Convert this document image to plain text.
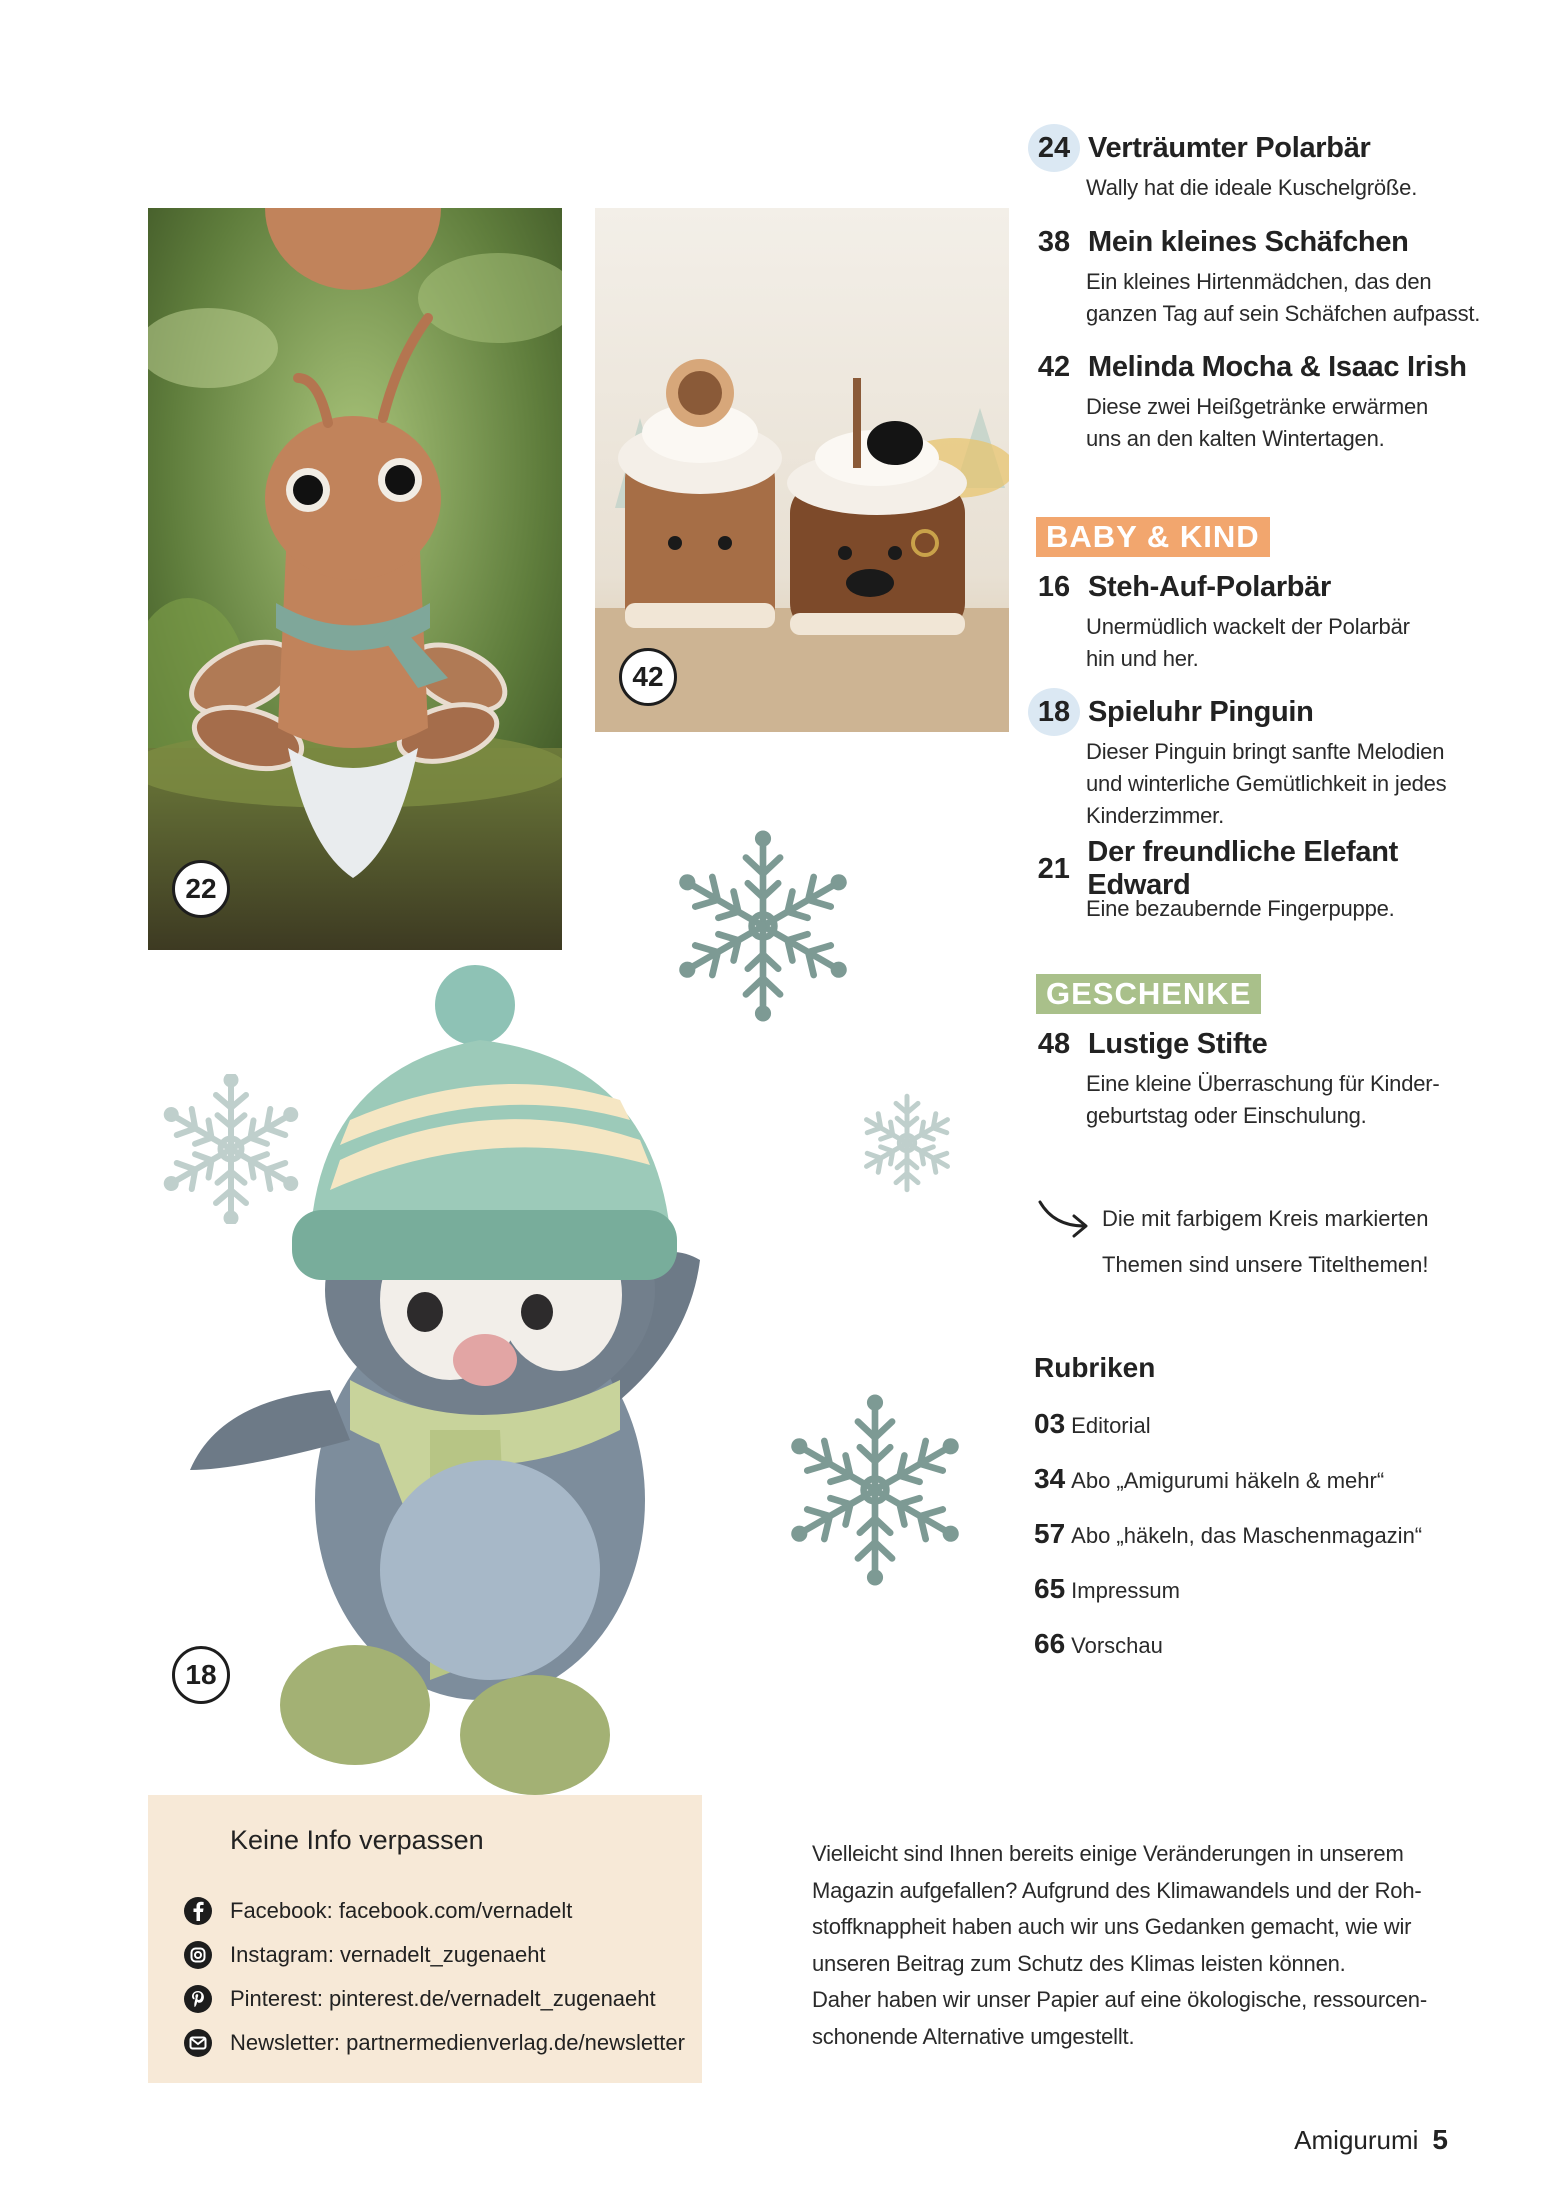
22
42
18
24 Verträumter Polarbär
Wally hat die ideale Kuschelgröße.
38 Mein kleines Schäfchen
Ein kleines Hirtenmädchen, das den
ganzen Tag auf sein Schäfchen aufpasst.
42 Melinda Mocha & Isaac Irish
Diese zwei Heißgetränke erwärmen
uns an den kalten Wintertagen.
BABY & KIND
16 Steh-Auf-Polarbär
Unermüdlich wackelt der Polarbär
hin und her.
18 Spieluhr Pinguin
Dieser Pinguin bringt sanfte Melodien
und winterliche Gemütlichkeit in jedes
Kinderzimmer.
21
Der freundliche Elefant Edward
Eine bezaubernde Fingerpuppe.
GESCHENKE
48 Lustige Stifte
Eine kleine Überraschung für Kinder-
geburtstag oder Einschulung.
Die mit farbigem Kreis markierten
Themen sind unsere Titelthemen!
Rubriken
03 Editorial
34 Abo „Amigurumi häkeln & mehr“
57 Abo „häkeln, das Maschenmagazin“
65 Impressum
66 Vorschau
Keine Info verpassen
Facebook: facebook.com/vernadelt
Instagram: vernadelt_zugenaeht
Pinterest: pinterest.de/vernadelt_zugenaeht
Newsletter: partnermedienverlag.de/newsletter

Vielleicht sind Ihnen bereits einige Veränderungen in unserem

Magazin aufgefallen? Aufgrund des Klimawandels und der Roh-

stoffknappheit haben auch wir uns Gedanken gemacht, wie wir

unseren Beitrag zum Schutz des Klimas leisten können.

Daher haben wir unser Papier auf eine ökologische, ressourcen-

schonende Alternative umgestellt.

Amigurumi 5
